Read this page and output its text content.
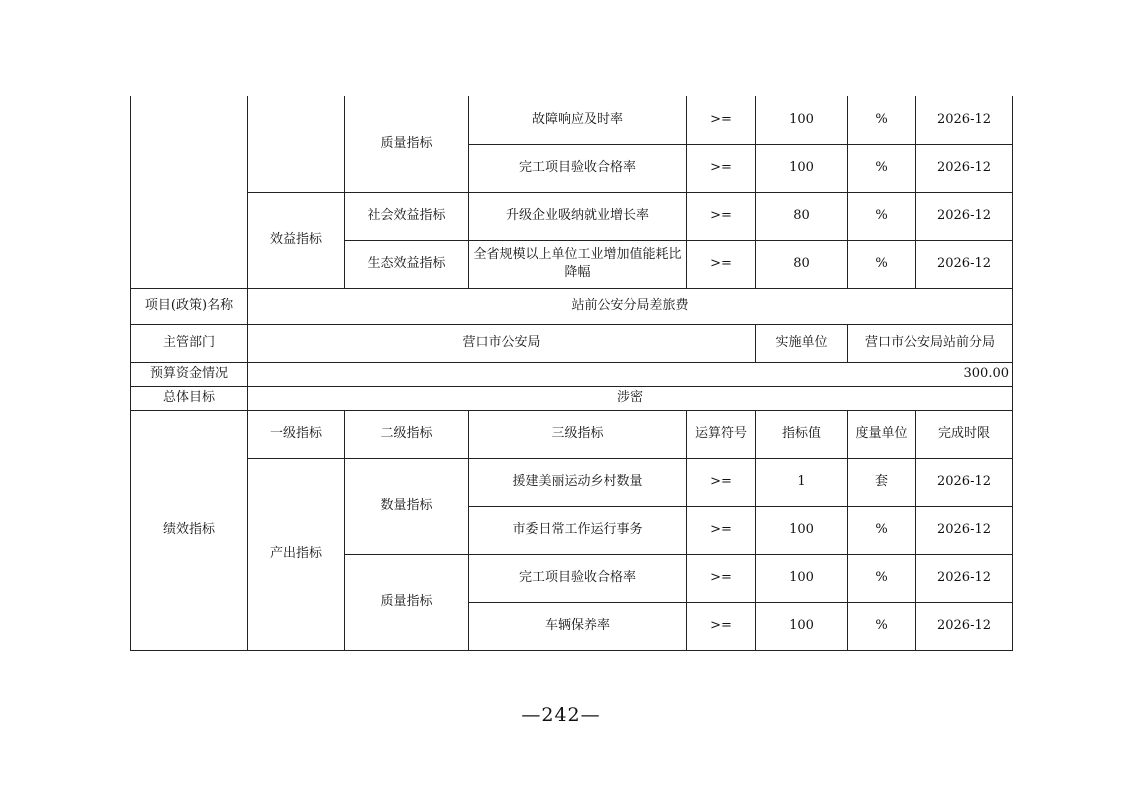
		质量指标	故障响应及时率	>=	100	%	2026-12
			完工项目验收合格率	>=	100	%	2026-12
	效益指标	社会效益指标	升级企业吸纳就业增长率	>=	80	%	2026-12
		生态效益指标	全省规模以上单位工业增加值能耗比降幅	>=	80	%	2026-12
项目(政策)名称	站前公安分局差旅费						
主管部门	营口市公安局				实施单位	营口市公安局站前分局	
预算资金情况	300.00						
总体目标	涉密						
绩效指标	一级指标	二级指标	三级指标	运算符号	指标值	度量单位	完成时限
	产出指标	数量指标	援建美丽运动乡村数量	>=	1	套	2026-12
			市委日常工作运行事务	>=	100	%	2026-12
		质量指标	完工项目验收合格率	>=	100	%	2026-12
			车辆保养率	>=	100	%	2026-12
—242—
